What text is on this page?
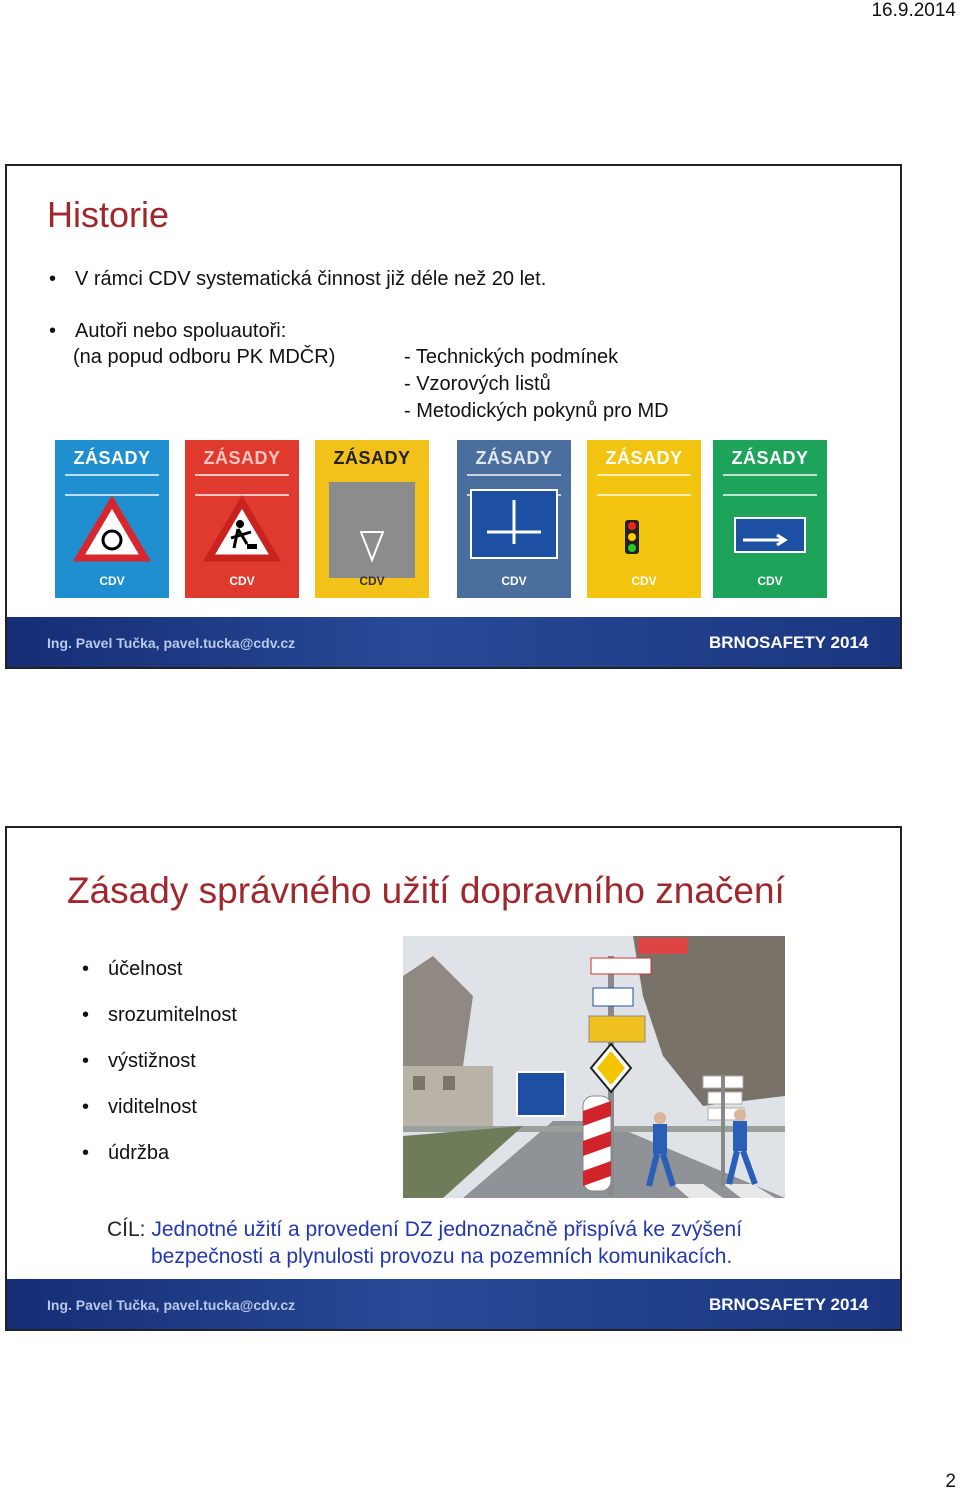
16.9.2014
Historie
• V rámci CDV systematická činnost již déle než 20 let.
• Autoři nebo spoluautoři:
(na popud odboru PK MDČR)	- Technických podmínek
- Vzorových listů
- Metodických pokynů pro MD
ZÁSADY
CDV
ZÁSADY
CDV
ZÁSADY
CDV
ZÁSADY
CDV
ZÁSADY
CDV
ZÁSADY
CDV
Ing. Pavel Tučka, pavel.tucka@cdv.cz	BRNOSAFETY 2014
Zásady správného užití dopravního značení
• účelnost
• srozumitelnost
• výstižnost
• viditelnost
• údržba
CÍL: Jednotné užití a provedení DZ jednoznačně přispívá ke zvýšení
bezpečnosti a plynulosti provozu na pozemních komunikacích.
Ing. Pavel Tučka, pavel.tucka@cdv.cz	BRNOSAFETY 2014
2
